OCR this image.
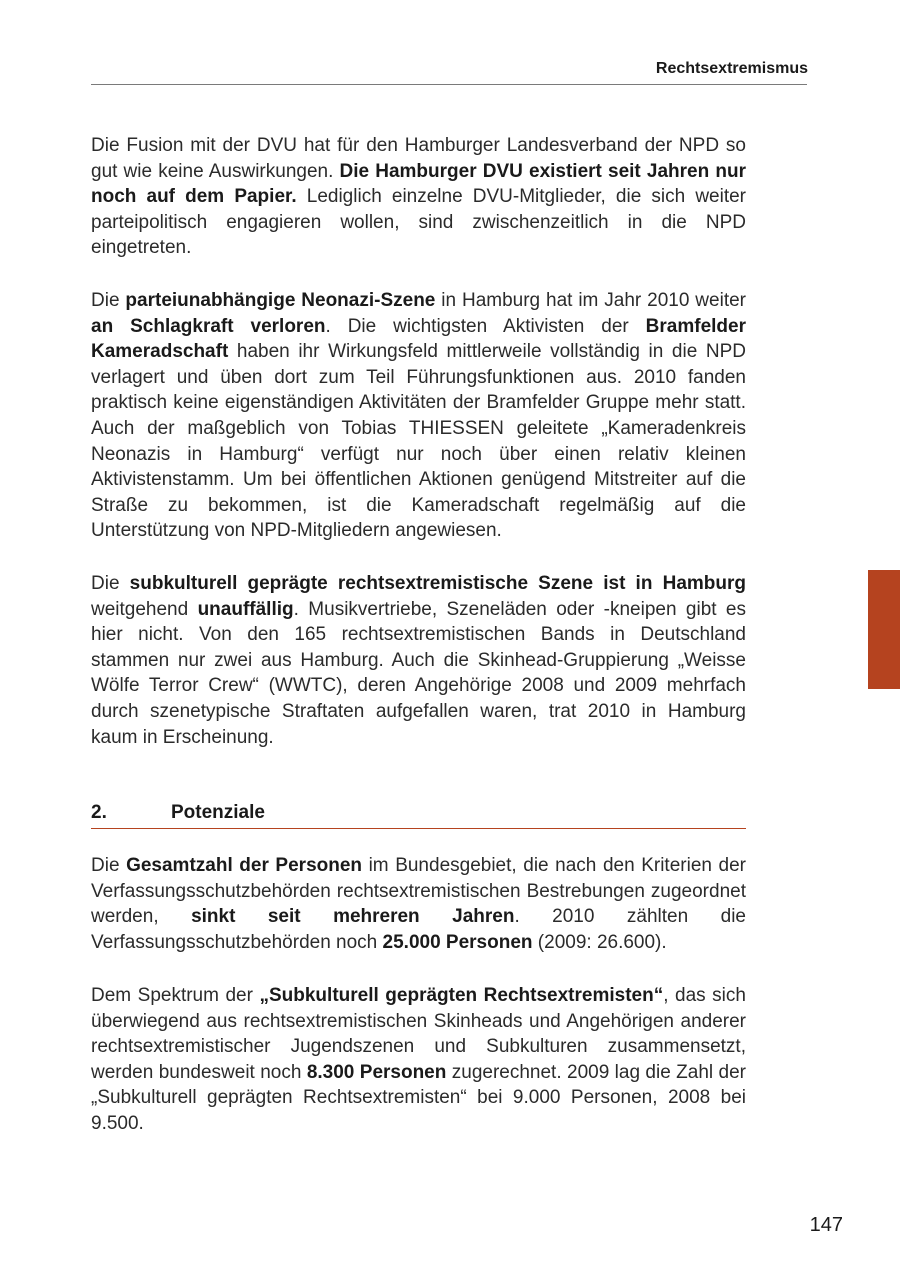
Rechtsextremismus

Die Fusion mit der DVU hat für den Hamburger Landesverband der NPD so gut wie keine Auswirkungen. Die Hamburger DVU existiert seit Jahren nur noch auf dem Papier. Lediglich einzelne DVU-Mitglieder, die sich weiter parteipolitisch engagieren wollen, sind zwischenzeitlich in die NPD eingetreten.

Die parteiunabhängige Neonazi-Szene in Hamburg hat im Jahr 2010 weiter an Schlagkraft verloren. Die wichtigsten Aktivisten der Bramfelder Kameradschaft haben ihr Wirkungsfeld mittlerweile vollständig in die NPD verlagert und üben dort zum Teil Führungsfunktionen aus. 2010 fanden praktisch keine eigenständigen Aktivitäten der Bramfelder Gruppe mehr statt. Auch der maßgeblich von Tobias THIESSEN geleitete „Kameradenkreis Neonazis in Hamburg“ verfügt nur noch über einen relativ kleinen Aktivistenstamm. Um bei öffentlichen Aktionen genügend Mitstreiter auf die Straße zu bekommen, ist die Kameradschaft regelmäßig auf die Unterstützung von NPD-Mitgliedern angewiesen.

Die subkulturell geprägte rechtsextremistische Szene ist in Hamburg weitgehend unauffällig. Musikvertriebe, Szeneläden oder -kneipen gibt es hier nicht. Von den 165 rechtsextremistischen Bands in Deutschland stammen nur zwei aus Hamburg. Auch die Skinhead-Gruppierung „Weisse Wölfe Terror Crew“ (WWTC), deren Angehörige 2008 und 2009 mehrfach durch szenetypische Straftaten aufgefallen waren, trat 2010 in Hamburg kaum in Erscheinung.

2.	Potenziale

Die Gesamtzahl der Personen im Bundesgebiet, die nach den Kriterien der Verfassungsschutzbehörden rechtsextremistischen Bestrebungen zugeordnet werden, sinkt seit mehreren Jahren. 2010 zählten die Verfassungsschutzbehörden noch 25.000 Personen (2009: 26.600).

Dem Spektrum der „Subkulturell geprägten Rechtsextremisten“, das sich überwiegend aus rechtsextremistischen Skinheads und Angehörigen anderer rechtsextremistischer Jugendszenen und Subkulturen zusammensetzt, werden bundesweit noch 8.300 Personen zugerechnet. 2009 lag die Zahl der „Subkulturell geprägten Rechtsextremisten“ bei 9.000 Personen, 2008 bei 9.500.

147
